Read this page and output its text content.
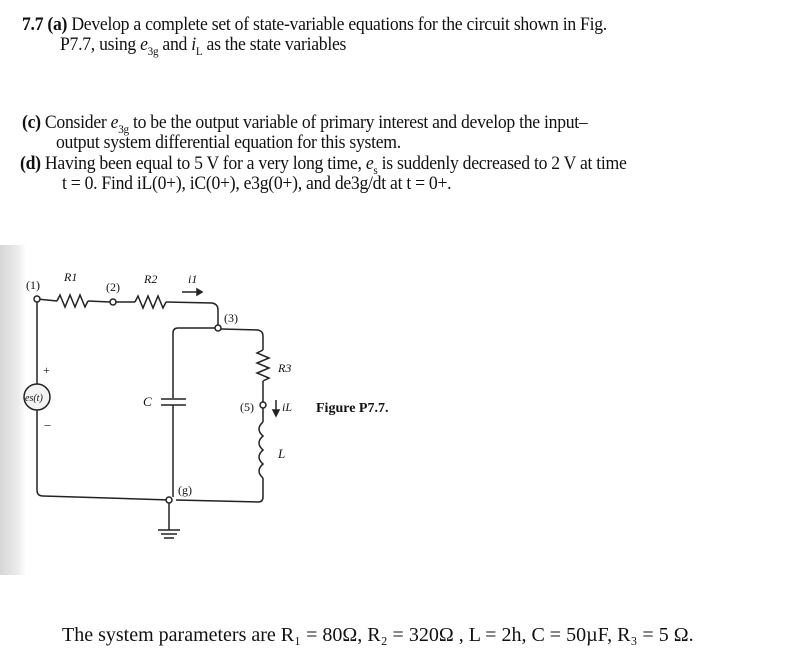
7.7 (a) Develop a complete set of state-variable equations for the circuit shown in Fig.
P7.7, using $e_{3g}$ and $i_L$ as the state variables
(c) Consider $e_{3g}$ to be the output variable of primary interest and develop the input–
output system differential equation for this system.
(d) Having been equal to 5 V for a very long time, $e_s$ is suddenly decreased to 2 V at time
t = 0. Find iL(0+), iC(0+), e3g(0+), and de3g/dt at t = 0+.
(1)
R1
(2)
R2	i1
(3)
+
es(t)
−
C
R3
(5) iL
L
(g)
Figure P7.7.
The system parameters are R₁ = 80Ω, R₂ = 320Ω , L = 2h, C = 50µF, R₃ = 5 Ω.
